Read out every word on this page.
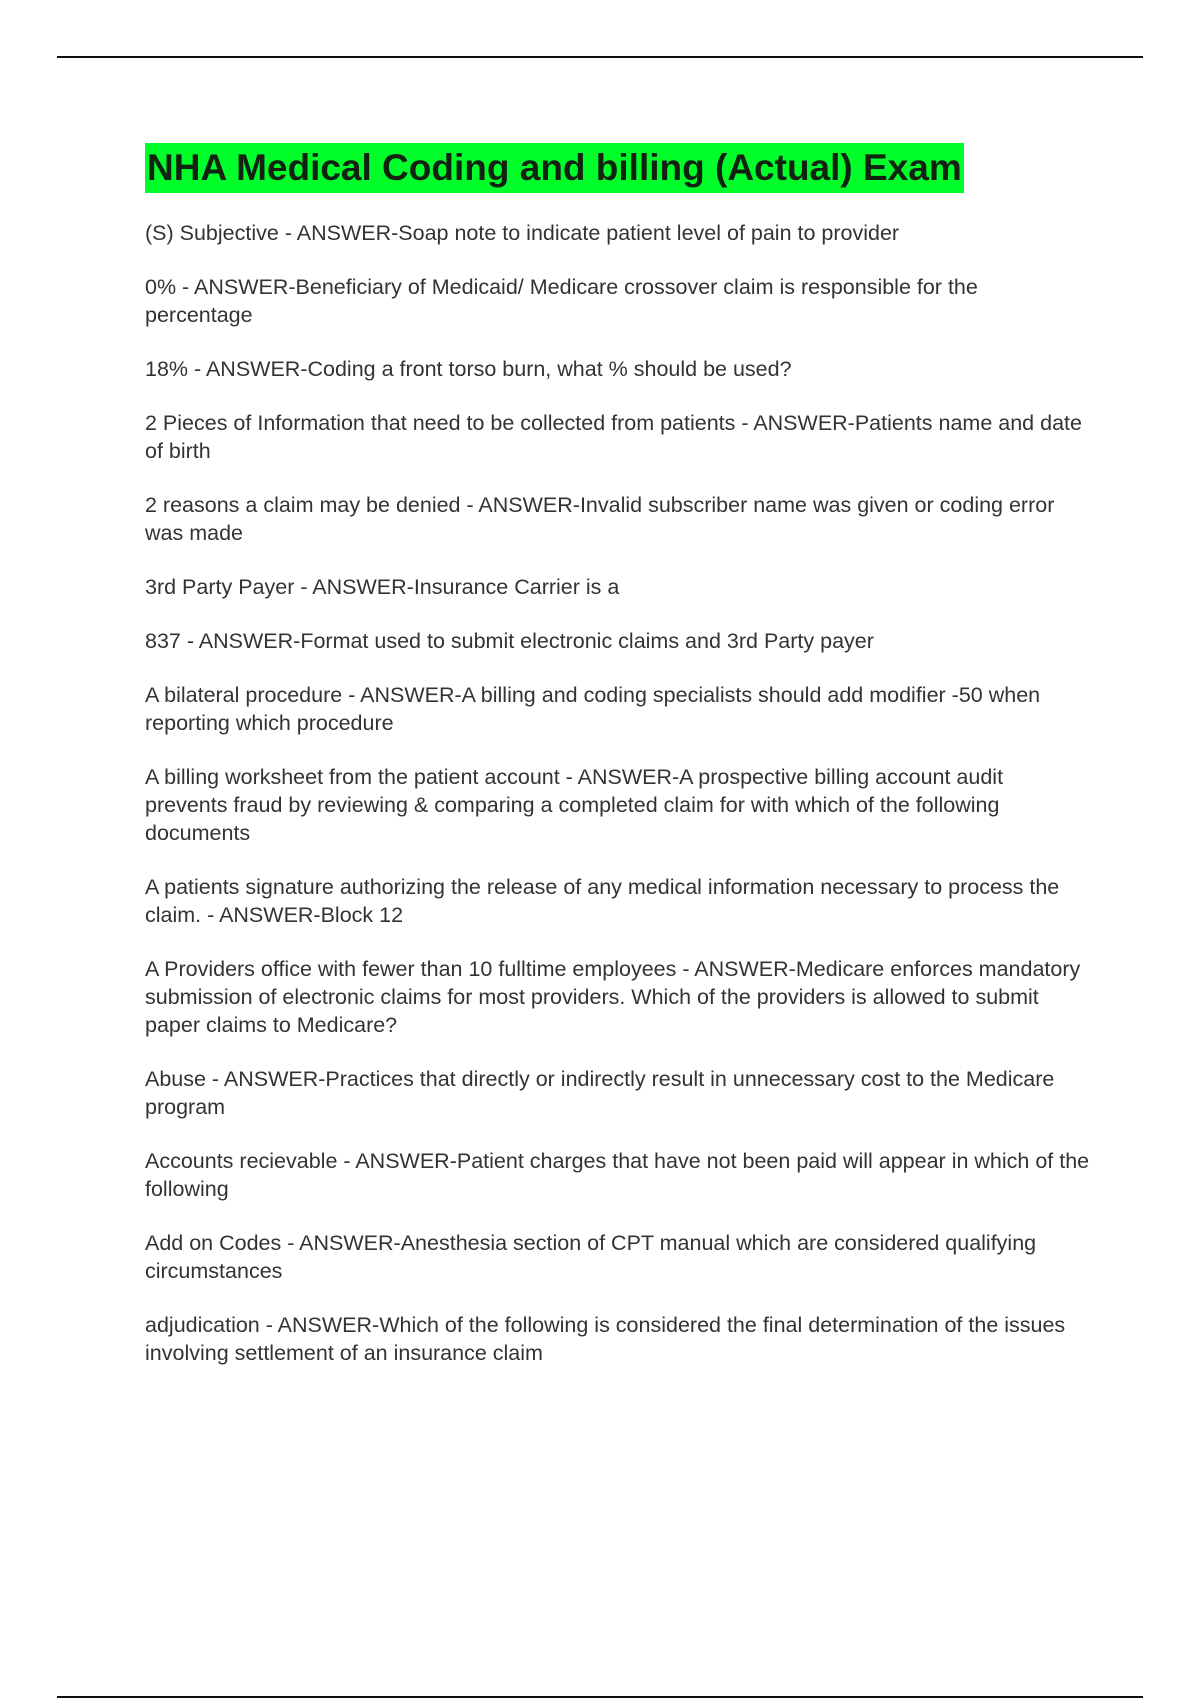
NHA Medical Coding and billing (Actual) Exam

(S) Subjective - ANSWER-Soap note to indicate patient level of pain to provider

0% - ANSWER-Beneficiary of Medicaid/ Medicare crossover claim is responsible for the percentage

18% - ANSWER-Coding a front torso burn, what % should be used?

2 Pieces of Information that need to be collected from patients - ANSWER-Patients name and date of birth

2 reasons a claim may be denied - ANSWER-Invalid subscriber name was given or coding error was made

3rd Party Payer - ANSWER-Insurance Carrier is a

837 - ANSWER-Format used to submit electronic claims and 3rd Party payer

A bilateral procedure - ANSWER-A billing and coding specialists should add modifier -50 when reporting which procedure

A billing worksheet from the patient account - ANSWER-A prospective billing account audit prevents fraud by reviewing & comparing a completed claim for with which of the following documents

A patients signature authorizing the release of any medical information necessary to process the claim. - ANSWER-Block 12

A Providers office with fewer than 10 fulltime employees - ANSWER-Medicare enforces mandatory submission of electronic claims for most providers. Which of the providers is allowed to submit paper claims to Medicare?

Abuse - ANSWER-Practices that directly or indirectly result in unnecessary cost to the Medicare program

Accounts recievable - ANSWER-Patient charges that have not been paid will appear in which of the following

Add on Codes - ANSWER-Anesthesia section of CPT manual which are considered qualifying circumstances

adjudication - ANSWER-Which of the following is considered the final determination of the issues involving settlement of an insurance claim
